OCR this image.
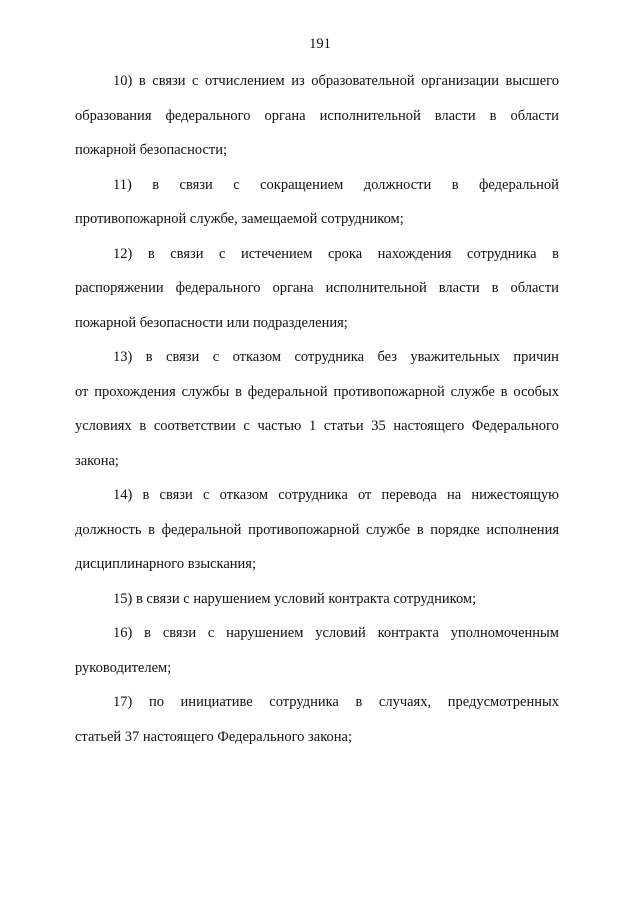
191
10) в связи с отчислением из образовательной организации высшего
образования федерального органа исполнительной власти в области
пожарной безопасности;
11) в связи с сокращением должности в федеральной
противопожарной службе, замещаемой сотрудником;
12) в связи с истечением срока нахождения сотрудника в
распоряжении федерального органа исполнительной власти в области
пожарной безопасности или подразделения;
13) в связи с отказом сотрудника без уважительных причин
от прохождения службы в федеральной противопожарной службе в особых
условиях в соответствии с частью 1 статьи 35 настоящего Федерального
закона;
14) в связи с отказом сотрудника от перевода на нижестоящую
должность в федеральной противопожарной службе в порядке исполнения
дисциплинарного взыскания;
15) в связи с нарушением условий контракта сотрудником;
16) в связи с нарушением условий контракта уполномоченным
руководителем;
17) по инициативе сотрудника в случаях, предусмотренных
статьей 37 настоящего Федерального закона;
